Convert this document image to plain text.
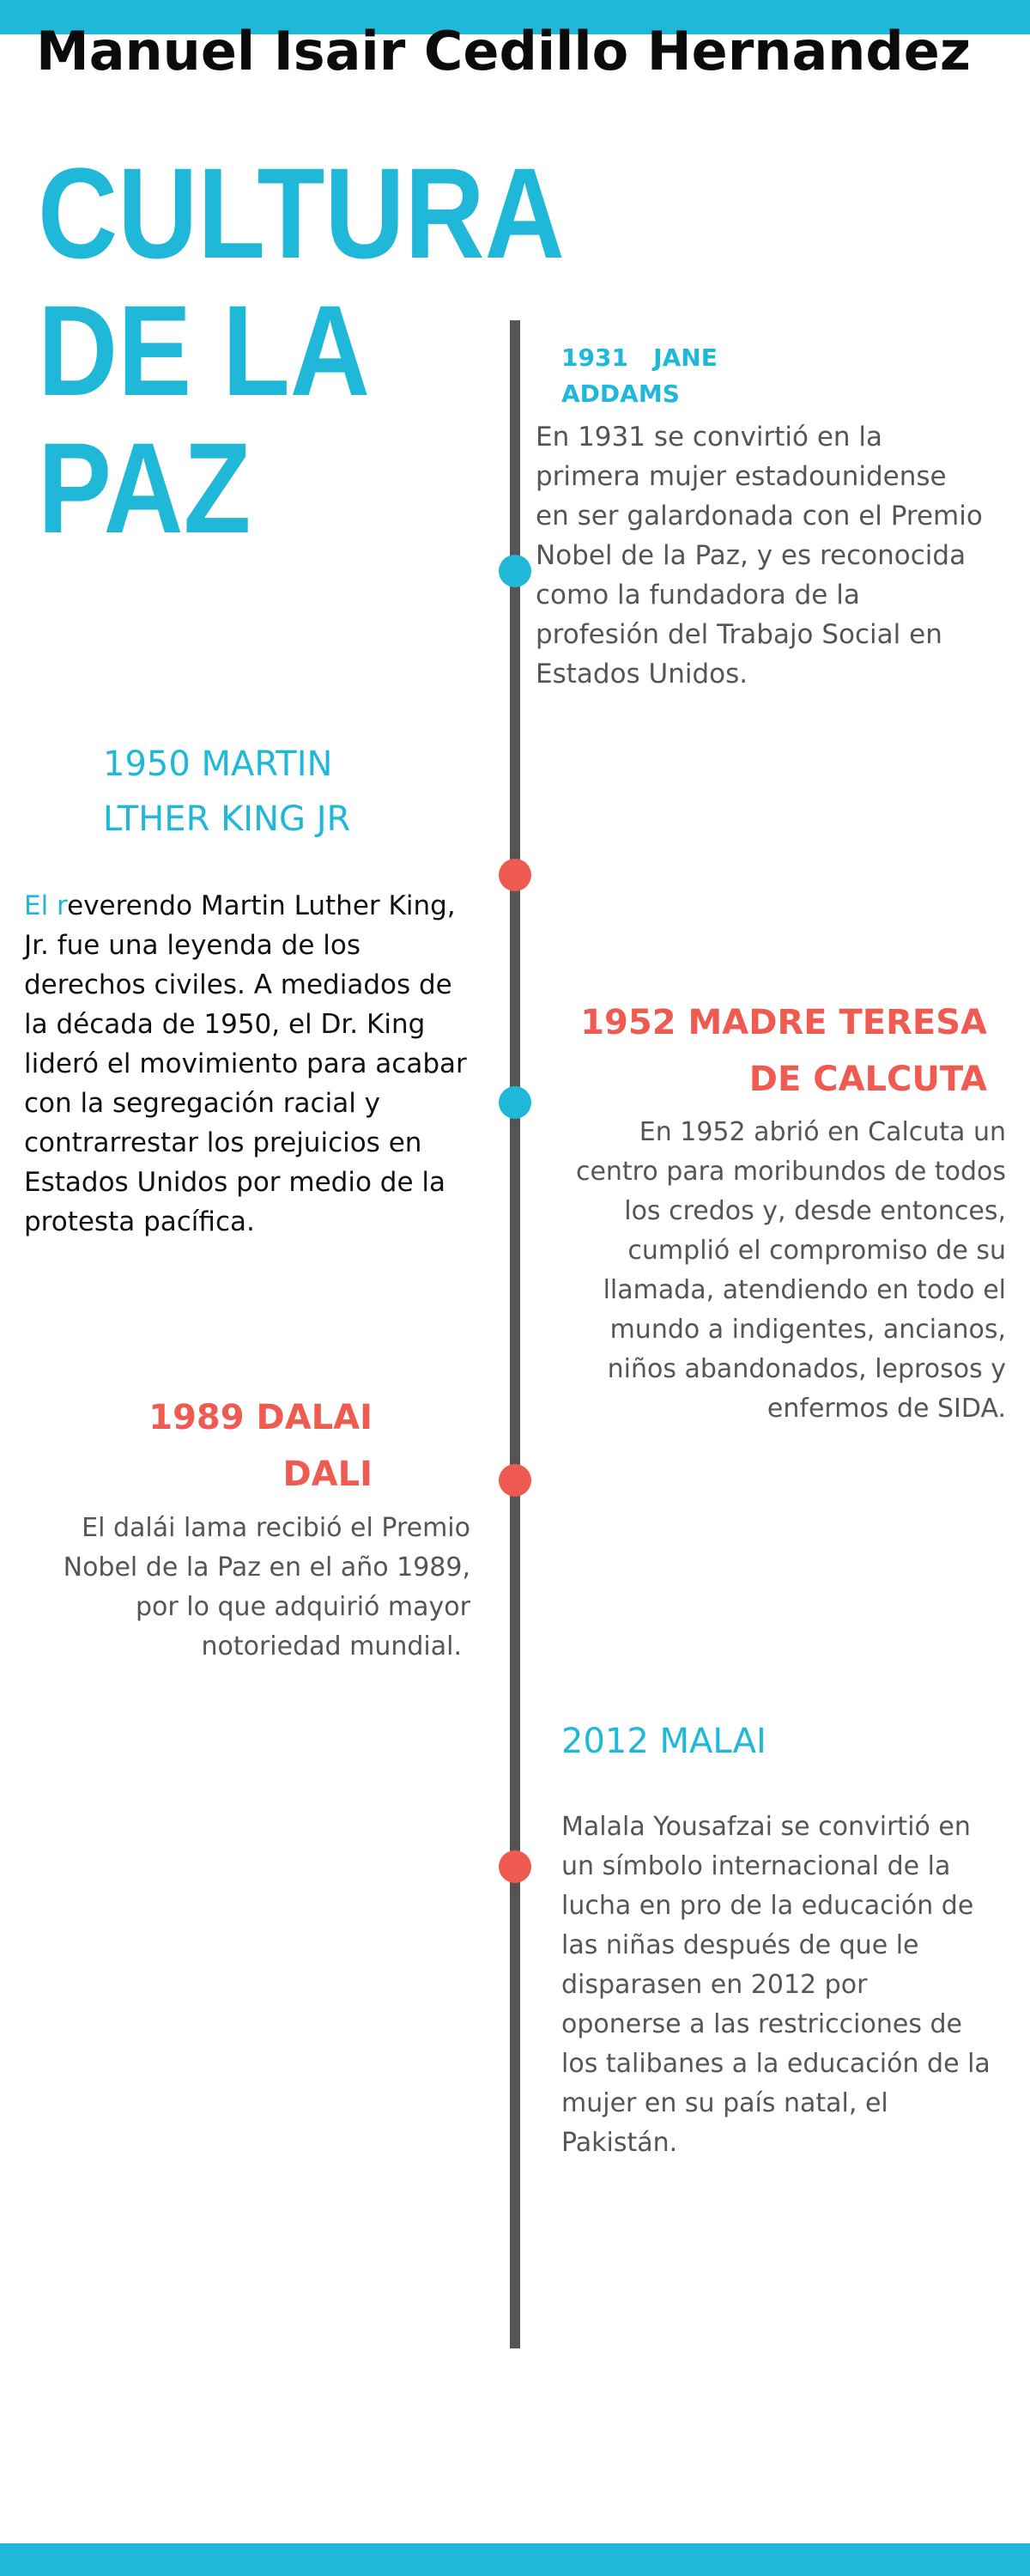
Manuel Isair Cedillo Hernandez
CULTURA
DE LA
PAZ
1931   JANE
ADDAMS
En 1931 se convirtió en la
primera mujer estadounidense
en ser galardonada con el Premio
Nobel de la Paz, y es reconocida
como la fundadora de la
profesión del Trabajo Social en
Estados Unidos.
1950 MARTIN
LTHER KING JR
El reverendo Martin Luther King,
Jr. fue una leyenda de los
derechos civiles. A mediados de
la década de 1950, el Dr. King
lideró el movimiento para acabar
con la segregación racial y
contrarrestar los prejuicios en
Estados Unidos por medio de la
protesta pacífica.
1952 MADRE TERESA
DE CALCUTA
En 1952 abrió en Calcuta un
centro para moribundos de todos
los credos y, desde entonces,
cumplió el compromiso de su
llamada, atendiendo en todo el
mundo a indigentes, ancianos,
niños abandonados, leprosos y
enfermos de SIDA.
1989 DALAI
DALI
El dalái lama recibió el Premio
Nobel de la Paz en el año 1989,
por lo que adquirió mayor
notoriedad mundial.
2012 MALAI
Malala Yousafzai se convirtió en
un símbolo internacional de la
lucha en pro de la educación de
las niñas después de que le
disparasen en 2012 por
oponerse a las restricciones de
los talibanes a la educación de la
mujer en su país natal, el
Pakistán.
